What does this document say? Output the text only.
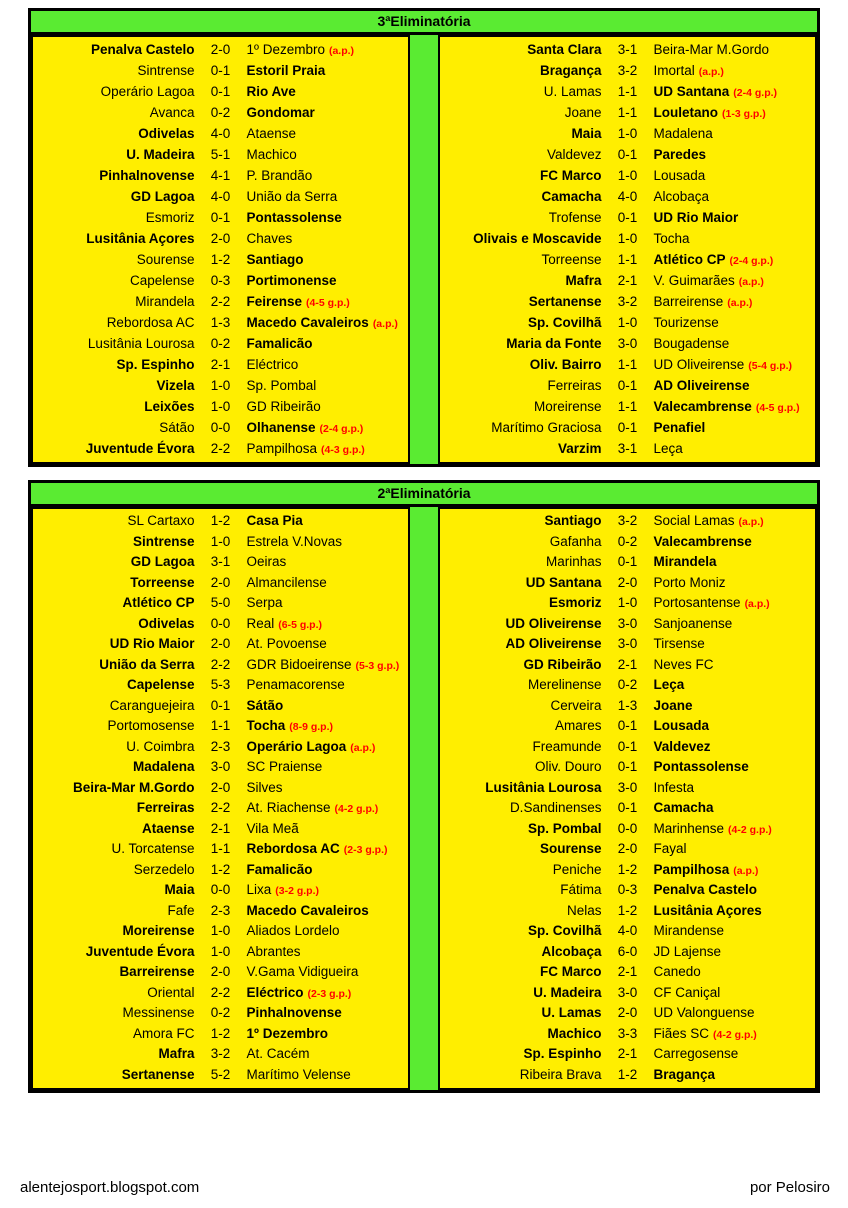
3ªEliminatória
Penalva Castelo	2-0	1º Dezembro (a.p.)
Sintrense	0-1	Estoril Praia
Operário Lagoa	0-1	Rio Ave
Avanca	0-2	Gondomar
Odivelas	4-0	Ataense
U. Madeira	5-1	Machico
Pinhalnovense	4-1	P. Brandão
GD Lagoa	4-0	União da Serra
Esmoriz	0-1	Pontassolense
Lusitânia Açores	2-0	Chaves
Sourense	1-2	Santiago
Capelense	0-3	Portimonense
Mirandela	2-2	Feirense (4-5 g.p.)
Rebordosa AC	1-3	Macedo Cavaleiros (a.p.)
Lusitânia Lourosa	0-2	Famalicão
Sp. Espinho	2-1	Eléctrico
Vizela	1-0	Sp. Pombal
Leixões	1-0	GD Ribeirão
Sátão	0-0	Olhanense (2-4 g.p.)
Juventude Évora	2-2	Pampilhosa (4-3 g.p.)
Santa Clara	3-1	Beira-Mar M.Gordo
Bragança	3-2	Imortal (a.p.)
U. Lamas	1-1	UD Santana (2-4 g.p.)
Joane	1-1	Louletano (1-3 g.p.)
Maia	1-0	Madalena
Valdevez	0-1	Paredes
FC Marco	1-0	Lousada
Camacha	4-0	Alcobaça
Trofense	0-1	UD Rio Maior
Olivais e Moscavide	1-0	Tocha
Torreense	1-1	Atlético CP (2-4 g.p.)
Mafra	2-1	V. Guimarães (a.p.)
Sertanense	3-2	Barreirense (a.p.)
Sp. Covilhã	1-0	Tourizense
Maria da Fonte	3-0	Bougadense
Oliv. Bairro	1-1	UD Oliveirense (5-4 g.p.)
Ferreiras	0-1	AD Oliveirense
Moreirense	1-1	Valecambrense (4-5 g.p.)
Marítimo Graciosa	0-1	Penafiel
Varzim	3-1	Leça
2ªEliminatória
SL Cartaxo	1-2	Casa Pia
Sintrense	1-0	Estrela V.Novas
GD Lagoa	3-1	Oeiras
Torreense	2-0	Almancilense
Atlético CP	5-0	Serpa
Odivelas	0-0	Real (6-5 g.p.)
UD Rio Maior	2-0	At. Povoense
União da Serra	2-2	GDR Bidoeirense (5-3 g.p.)
Capelense	5-3	Penamacorense
Caranguejeira	0-1	Sátão
Portomosense	1-1	Tocha (8-9 g.p.)
U. Coimbra	2-3	Operário Lagoa (a.p.)
Madalena	3-0	SC Praiense
Beira-Mar M.Gordo	2-0	Silves
Ferreiras	2-2	At. Riachense (4-2 g.p.)
Ataense	2-1	Vila Meã
U. Torcatense	1-1	Rebordosa AC (2-3 g.p.)
Serzedelo	1-2	Famalicão
Maia	0-0	Lixa (3-2 g.p.)
Fafe	2-3	Macedo Cavaleiros
Moreirense	1-0	Aliados Lordelo
Juventude Évora	1-0	Abrantes
Barreirense	2-0	V.Gama Vidigueira
Oriental	2-2	Eléctrico (2-3 g.p.)
Messinense	0-2	Pinhalnovense
Amora FC	1-2	1º Dezembro
Mafra	3-2	At. Cacém
Sertanense	5-2	Marítimo Velense
Santiago	3-2	Social Lamas (a.p.)
Gafanha	0-2	Valecambrense
Marinhas	0-1	Mirandela
UD Santana	2-0	Porto Moniz
Esmoriz	1-0	Portosantense (a.p.)
UD Oliveirense	3-0	Sanjoanense
AD Oliveirense	3-0	Tirsense
GD Ribeirão	2-1	Neves FC
Merelinense	0-2	Leça
Cerveira	1-3	Joane
Amares	0-1	Lousada
Freamunde	0-1	Valdevez
Oliv. Douro	0-1	Pontassolense
Lusitânia Lourosa	3-0	Infesta
D.Sandinenses	0-1	Camacha
Sp. Pombal	0-0	Marinhense (4-2 g.p.)
Sourense	2-0	Fayal
Peniche	1-2	Pampilhosa (a.p.)
Fátima	0-3	Penalva Castelo
Nelas	1-2	Lusitânia Açores
Sp. Covilhã	4-0	Mirandense
Alcobaça	6-0	JD Lajense
FC Marco	2-1	Canedo
U. Madeira	3-0	CF Caniçal
U. Lamas	2-0	UD Valonguense
Machico	3-3	Fiães SC (4-2 g.p.)
Sp. Espinho	2-1	Carregosense
Ribeira Brava	1-2	Bragança
alentejosport.blogspot.com	por Pelosiro
